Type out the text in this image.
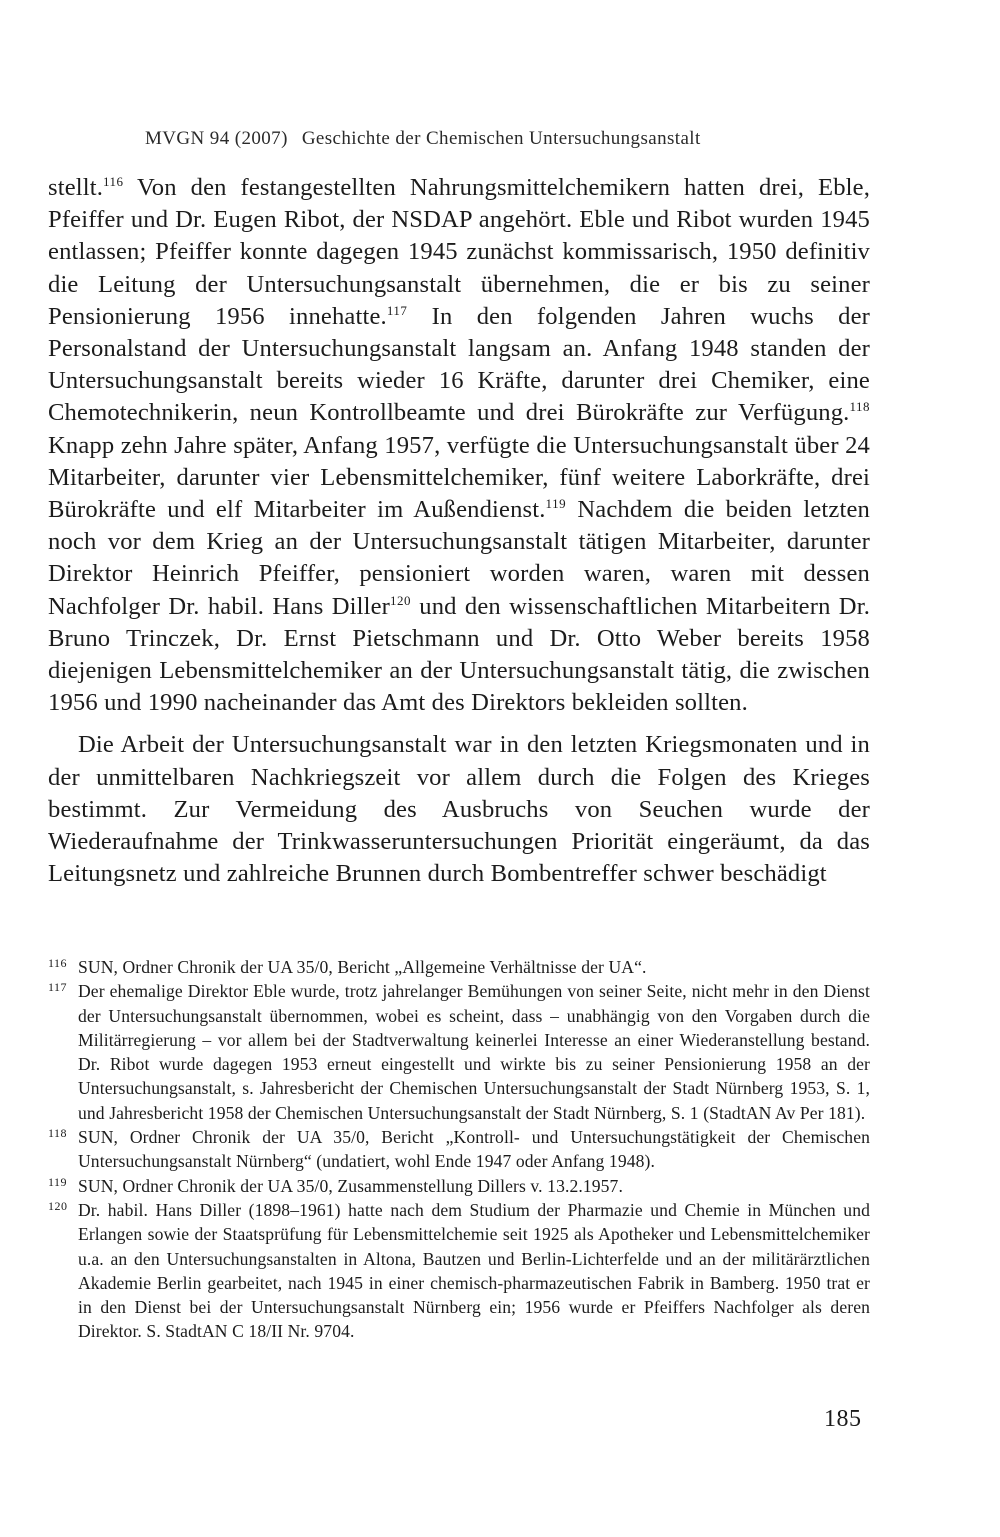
MVGN 94 (2007) Geschichte der Chemischen Untersuchungsanstalt

stellt.$^{116}$ Von den festangestellten Nahrungsmittelchemikern hatten drei, Eble, Pfeiffer und Dr. Eugen Ribot, der NSDAP angehört. Eble und Ribot wurden 1945 entlassen; Pfeiffer konnte dagegen 1945 zunächst kommissarisch, 1950 definitiv die Leitung der Untersuchungsanstalt übernehmen, die er bis zu seiner Pensionierung 1956 innehatte.$^{117}$ In den folgenden Jahren wuchs der Personalstand der Untersuchungsanstalt langsam an. Anfang 1948 standen der Untersuchungsanstalt bereits wieder 16 Kräfte, darunter drei Chemiker, eine Chemotechnikerin, neun Kontrollbeamte und drei Bürokräfte zur Verfügung.$^{118}$ Knapp zehn Jahre später, Anfang 1957, verfügte die Untersuchungsanstalt über 24 Mitarbeiter, darunter vier Lebensmittelchemiker, fünf weitere Laborkräfte, drei Bürokräfte und elf Mitarbeiter im Außendienst.$^{119}$ Nachdem die beiden letzten noch vor dem Krieg an der Untersuchungsanstalt tätigen Mitarbeiter, darunter Direktor Heinrich Pfeiffer, pensioniert worden waren, waren mit dessen Nachfolger Dr. habil. Hans Diller$^{120}$ und den wissenschaftlichen Mitarbeitern Dr. Bruno Trinczek, Dr. Ernst Pietschmann und Dr. Otto Weber bereits 1958 diejenigen Lebensmittelchemiker an der Untersuchungsanstalt tätig, die zwischen 1956 und 1990 nacheinander das Amt des Direktors bekleiden sollten.

Die Arbeit der Untersuchungsanstalt war in den letzten Kriegsmonaten und in der unmittelbaren Nachkriegszeit vor allem durch die Folgen des Krieges bestimmt. Zur Vermeidung des Ausbruchs von Seuchen wurde der Wiederaufnahme der Trinkwasseruntersuchungen Priorität eingeräumt, da das Leitungsnetz und zahlreiche Brunnen durch Bombentreffer schwer beschädigt

116 SUN, Ordner Chronik der UA 35/0, Bericht „Allgemeine Verhältnisse der UA“.

117 Der ehemalige Direktor Eble wurde, trotz jahrelanger Bemühungen von seiner Seite, nicht mehr in den Dienst der Untersuchungsanstalt übernommen, wobei es scheint, dass – unabhängig von den Vorgaben durch die Militärregierung – vor allem bei der Stadtverwaltung keinerlei Interesse an einer Wiederanstellung bestand. Dr. Ribot wurde dagegen 1953 erneut eingestellt und wirkte bis zu seiner Pensionierung 1958 an der Untersuchungsanstalt, s. Jahresbericht der Chemischen Untersuchungsanstalt der Stadt Nürnberg 1953, S. 1, und Jahresbericht 1958 der Chemischen Untersuchungsanstalt der Stadt Nürnberg, S. 1 (StadtAN Av Per 181).

118 SUN, Ordner Chronik der UA 35/0, Bericht „Kontroll- und Untersuchungstätigkeit der Chemischen Untersuchungsanstalt Nürnberg“ (undatiert, wohl Ende 1947 oder Anfang 1948).

119 SUN, Ordner Chronik der UA 35/0, Zusammenstellung Dillers v. 13.2.1957.

120 Dr. habil. Hans Diller (1898–1961) hatte nach dem Studium der Pharmazie und Chemie in München und Erlangen sowie der Staatsprüfung für Lebensmittelchemie seit 1925 als Apotheker und Lebensmittelchemiker u.a. an den Untersuchungsanstalten in Altona, Bautzen und Berlin-Lichterfelde und an der militärärztlichen Akademie Berlin gearbeitet, nach 1945 in einer chemisch-pharmazeutischen Fabrik in Bamberg. 1950 trat er in den Dienst bei der Untersuchungsanstalt Nürnberg ein; 1956 wurde er Pfeiffers Nachfolger als deren Direktor. S. StadtAN C 18/II Nr. 9704.

185
